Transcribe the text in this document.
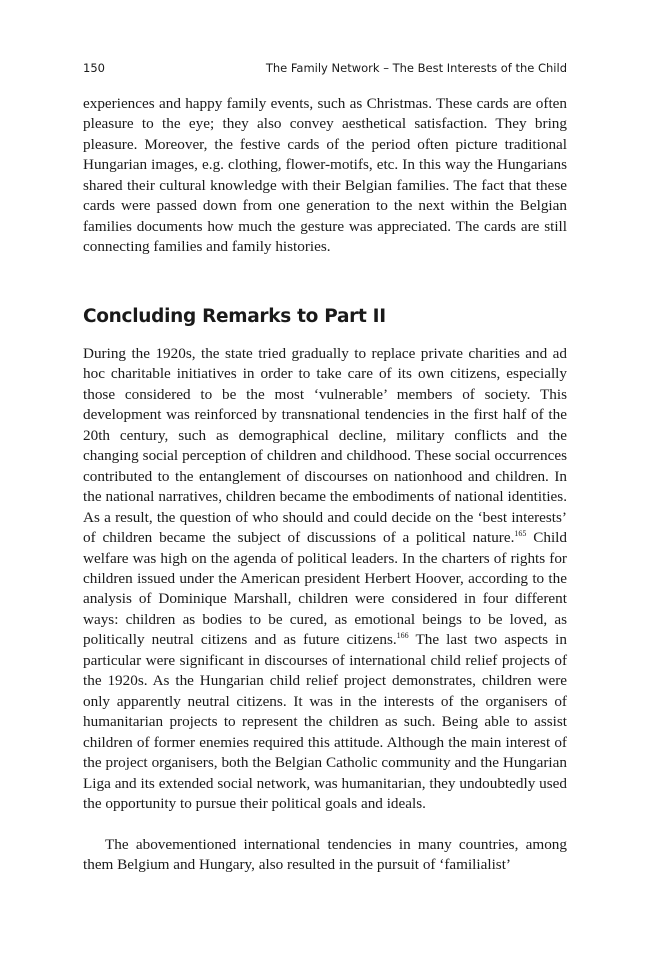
150	The Family Network – The Best Interests of the Child

experiences and happy family events, such as Christmas. These cards are often pleasure to the eye; they also convey aesthetical satisfaction. They bring pleasure. Moreover, the festive cards of the period often picture traditional Hungarian images, e.g. clothing, flower-motifs, etc. In this way the Hungarians shared their cultural knowledge with their Belgian families. The fact that these cards were passed down from one generation to the next within the Belgian families documents how much the gesture was appreciated. The cards are still connecting families and family histories.

Concluding Remarks to Part II

During the 1920s, the state tried gradually to replace private charities and ad hoc charitable initiatives in order to take care of its own citizens, especially those considered to be the most ‘vulnerable’ members of society. This development was reinforced by transnational tendencies in the first half of the 20th century, such as demographical decline, military conflicts and the changing social perception of children and childhood. These social occurrences contributed to the entanglement of discourses on nationhood and children. In the national narratives, children became the embodiments of national identities. As a result, the question of who should and could decide on the ‘best interests’ of children became the subject of discussions of a political nature.$^{165}$ Child welfare was high on the agenda of political leaders. In the charters of rights for children issued under the American president Herbert Hoover, according to the analysis of Dominique Marshall, children were considered in four different ways: children as bodies to be cured, as emotional beings to be loved, as politically neutral citizens and as future citizens.$^{166}$ The last two aspects in particular were significant in discourses of international child relief projects of the 1920s. As the Hungarian child relief project demonstrates, children were only apparently neutral citizens. It was in the interests of the organisers of humanitarian projects to represent the children as such. Being able to assist children of former enemies required this attitude. Although the main interest of the project organisers, both the Belgian Catholic community and the Hungarian Liga and its extended social network, was humanitarian, they undoubtedly used the opportunity to pursue their political goals and ideals.

The abovementioned international tendencies in many countries, among them Belgium and Hungary, also resulted in the pursuit of ‘familialist’
